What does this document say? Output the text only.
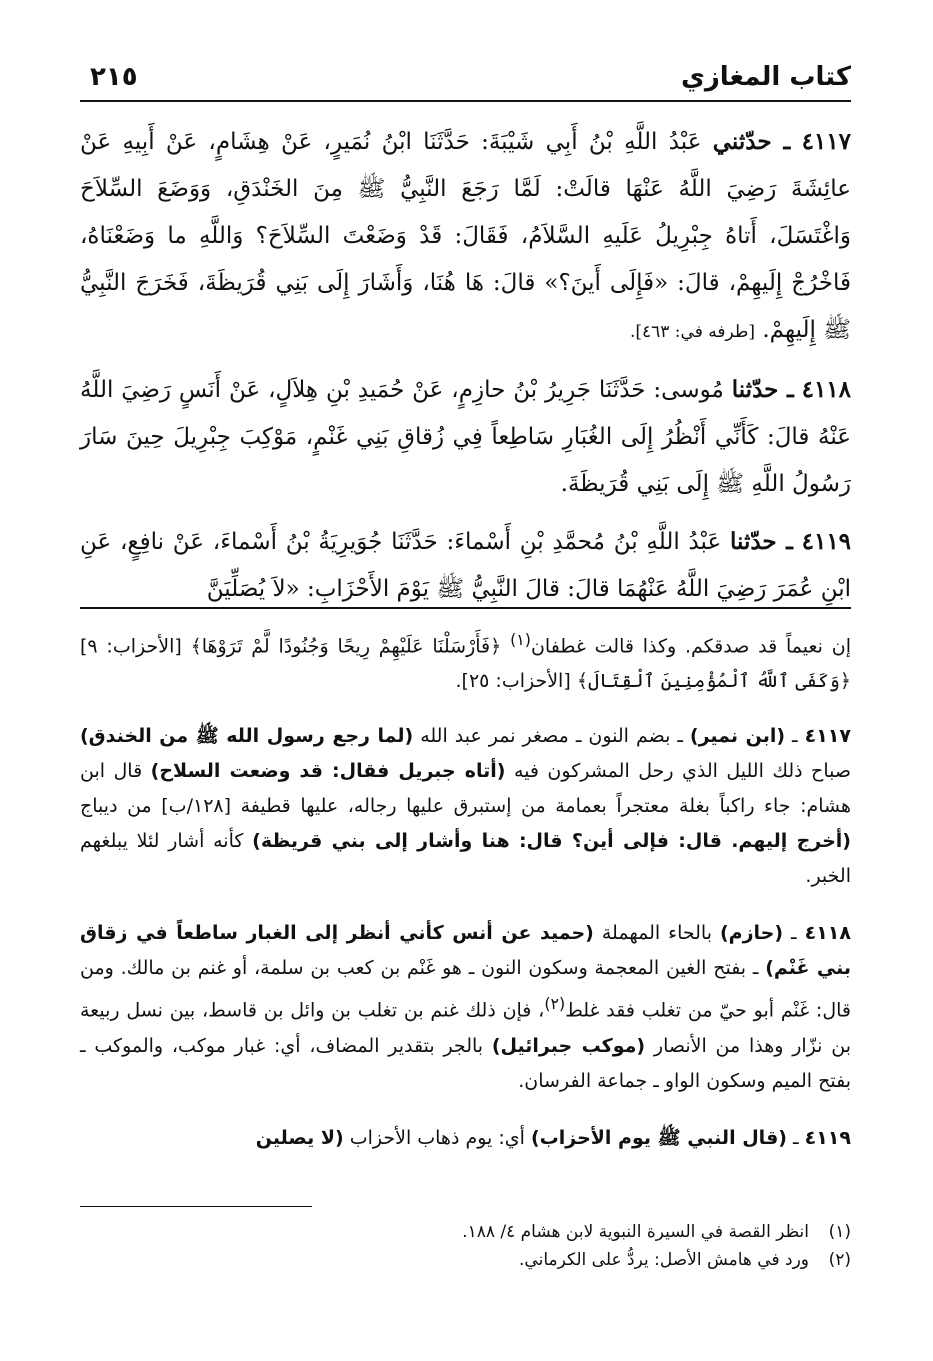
كتاب المغازي
٢١٥

٤١١٧ ـ حدّثني عَبْدُ اللَّهِ بْنُ أَبِي شَيْبَةَ: حَدَّثَنَا ابْنُ نُمَيرٍ، عَنْ هِشَامٍ، عَنْ أَبِيهِ عَنْ عائِشَةَ رَضِيَ اللَّهُ عَنْهَا قالَتْ: لَمَّا رَجَعَ النَّبِيُّ ﷺ مِنَ الخَنْدَقِ، وَوَضَعَ السِّلاَحَ وَاغْتَسَلَ، أَتاهُ جِبْرِيلُ عَلَيهِ السَّلاَمُ، فَقَالَ: قَدْ وَضَعْتَ السِّلاَحَ؟ وَاللَّهِ ما وَضَعْنَاهُ، فَاخْرُجْ إِلَيهِمْ، قالَ: «فَإِلَى أَينَ؟» قالَ: هَا هُنَا، وَأَشَارَ إِلَى بَنِي قُرَيظَةَ، فَخَرَجَ النَّبِيُّ ﷺ إِلَيهِمْ. [طرفه في: ٤٦٣].

٤١١٨ ـ حدّثنا مُوسى: حَدَّثَنَا جَرِيرُ بْنُ حازِمٍ، عَنْ حُمَيدِ بْنِ هِلاَلٍ، عَنْ أَنَسٍ رَضِيَ اللَّهُ عَنْهُ قالَ: كَأَنِّي أَنْظُرُ إِلَى الغُبَارِ سَاطِعاً فِي زُقاقِ بَنِي غَنْمٍ، مَوْكِبَ جِبْرِيلَ حِينَ سَارَ رَسُولُ اللَّهِ ﷺ إِلَى بَنِي قُرَيظَةَ.

٤١١٩ ـ حدّثنا عَبْدُ اللَّهِ بْنُ مُحمَّدِ بْنِ أَسْماءَ: حَدَّثَنَا جُوَيرِيَةُ بْنُ أَسْماءَ، عَنْ نافِعٍ، عَنِ ابْنِ عُمَرَ رَضِيَ اللَّهُ عَنْهُمَا قالَ: قالَ النَّبِيُّ ﷺ يَوْمَ الأَحْزَابِ: «لاَ يُصَلِّيَنَّ

إن نعيماً قد صدقكم. وكذا قالت غطفان$^{(١)}$ ﴿فَأَرْسَلْنَا عَلَيْهِمْ رِيحًا وَجُنُودًا لَّمْ تَرَوْهَا﴾ [الأحزاب: ٩] ﴿وَكَفَى ٱللَّهُ ٱلْمُؤْمِنِينَ ٱلْقِتَالَ﴾ [الأحزاب: ٢٥].

٤١١٧ ـ (ابن نمير) ـ بضم النون ـ مصغر نمر عبد الله (لما رجع رسول الله ﷺ من الخندق) صباح ذلك الليل الذي رحل المشركون فيه (أتاه جبريل فقال: قد وضعت السلاح) قال ابن هشام: جاء راكباً بغلة معتجراً بعمامة من إستبرق عليها رجاله، عليها قطيفة [١٢٨/ب] من ديباج (أخرج إليهم. قال: فإلى أين؟ قال: هنا وأشار إلى بني قريظة) كأنه أشار لئلا يبلغهم الخبر.

٤١١٨ ـ (حازم) بالحاء المهملة (حميد عن أنس كأني أنظر إلى الغبار ساطعاً في زقاق بني غَنْم) ـ بفتح الغين المعجمة وسكون النون ـ هو غَنْم بن كعب بن سلمة، أو غنم بن مالك. ومن قال: غَنْم أبو حيّ من تغلب فقد غلط$^{(٢)}$، فإن ذلك غنم بن تغلب بن وائل بن قاسط، بين نسل ربيعة بن نزّار وهذا من الأنصار (موكب جبرائيل) بالجر بتقدير المضاف، أي: غبار موكب، والموكب ـ بفتح الميم وسكون الواو ـ جماعة الفرسان.

٤١١٩ ـ (قال النبي ﷺ يوم الأحزاب) أي: يوم ذهاب الأحزاب (لا يصلين

(١)انظر القصة في السيرة النبوية لابن هشام ٤/ ١٨٨.

(٢)ورد في هامش الأصل: يردُّ على الكرماني.
